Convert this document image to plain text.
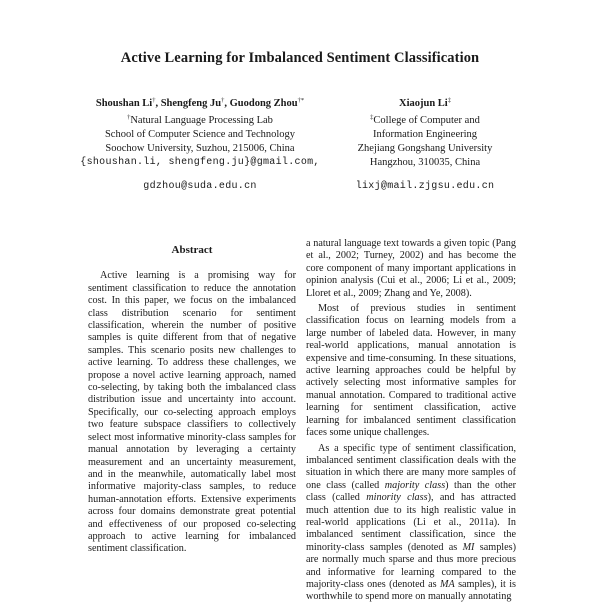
Active Learning for Imbalanced Sentiment Classification
Shoushan Li†, Shengfeng Ju†, Guodong Zhou†*
†Natural Language Processing Lab
School of Computer Science and Technology
Soochow University, Suzhou, 215006, China
{shoushan.li, shengfeng.ju}@gmail.com,
gdzhou@suda.edu.cn
Xiaojun Li‡
‡College of Computer and
Information Engineering
Zhejiang Gongshang University
Hangzhou, 310035, China
lixj@mail.zjgsu.edu.cn
Abstract

Active learning is a promising way for sentiment classification to reduce the annotation cost. In this paper, we focus on the imbalanced class distribution scenario for sentiment classification, wherein the number of positive samples is quite different from that of negative samples. This scenario posits new challenges to active learning. To address these challenges, we propose a novel active learning approach, named co-selecting, by taking both the imbalanced class distribution issue and uncertainty into account. Specifically, our co-selecting approach employs two feature subspace classifiers to collectively select most informative minority-class samples for manual annotation by leveraging a certainty measurement and an uncertainty measurement, and in the meanwhile, automatically label most informative majority-class samples, to reduce human-annotation efforts. Extensive experiments across four domains demonstrate great potential and effectiveness of our proposed co-selecting approach to active learning for imbalanced sentiment classification.

a natural language text towards a given topic (Pang et al., 2002; Turney, 2002) and has become the core component of many important applications in opinion analysis (Cui et al., 2006; Li et al., 2009; Lloret et al., 2009; Zhang and Ye, 2008).

Most of previous studies in sentiment classification focus on learning models from a large number of labeled data. However, in many real-world applications, manual annotation is expensive and time-consuming. In these situations, active learning approaches could be helpful by actively selecting most informative samples for manual annotation. Compared to traditional active learning for sentiment classification, active learning for imbalanced sentiment classification faces some unique challenges.

As a specific type of sentiment classification, imbalanced sentiment classification deals with the situation in which there are many more samples of one class (called majority class) than the other class (called minority class), and has attracted much attention due to its high realistic value in real-world applications (Li et al., 2011a). In imbalanced sentiment classification, since the minority-class samples (denoted as MI samples) are normally much sparse and thus more precious and informative for learning compared to the majority-class ones (denoted as MA samples), it is worthwhile to spend more on manually annotating
